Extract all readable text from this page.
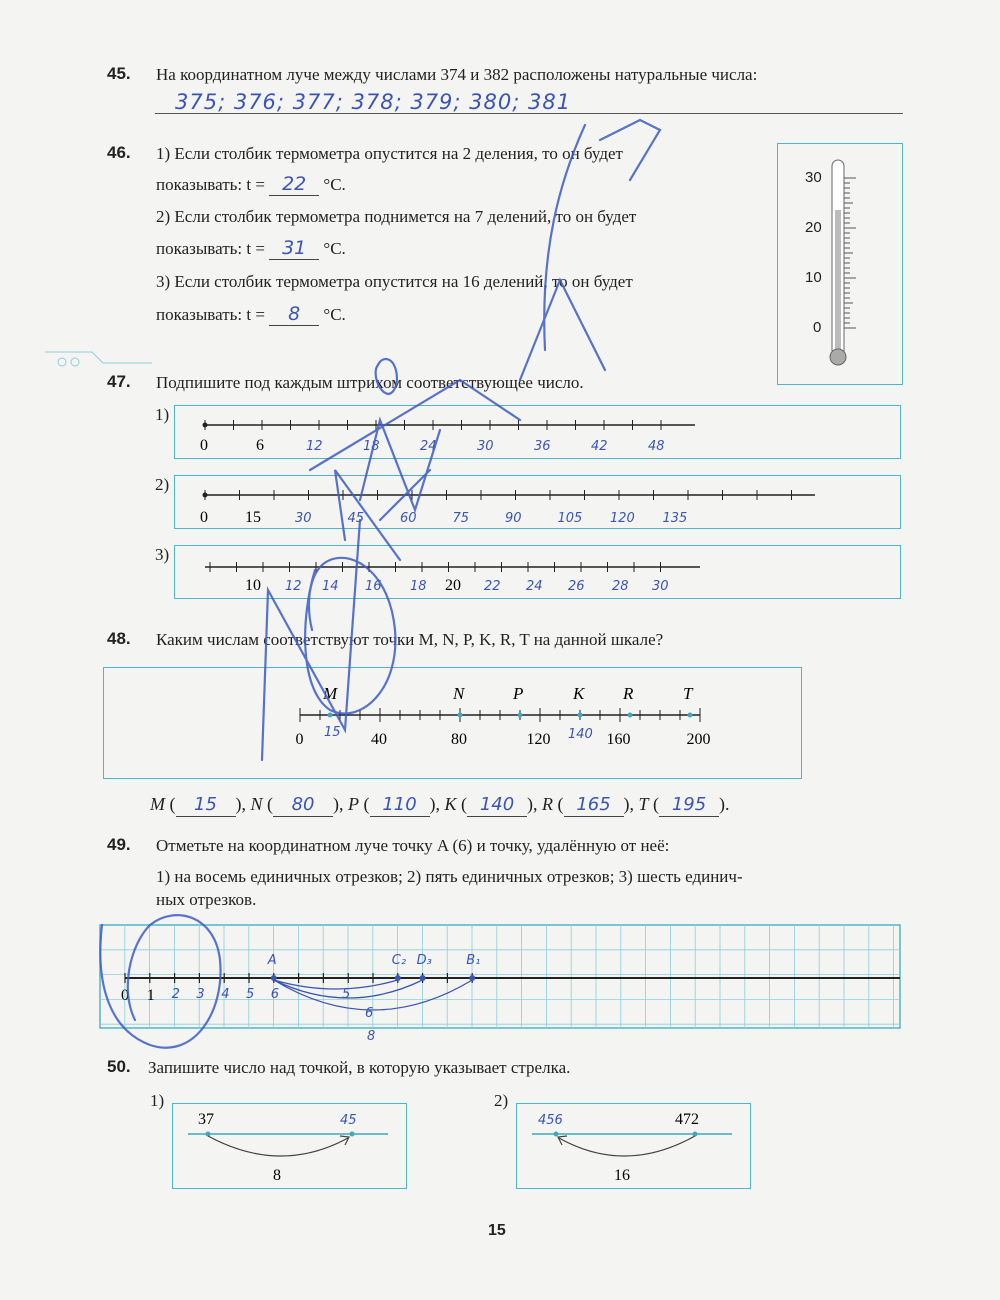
45. На координатном луче между числами 374 и 382 расположены натуральные числа:
375; 376; 377; 378; 379; 380; 381
46. 1) Если столбик термометра опустится на 2 деления, то он будет
показывать: t = 22 °C.
2) Если столбик термометра поднимется на 7 делений, то он будет
показывать: t = 31 °C.
3) Если столбик термометра опустится на 16 делений, то он будет
показывать: t = 8 °C.
30
20
10
0
47. Подпишите под каждым штрихом соответствующее число.
1)
2)
3)
0	6	12	18	24	30	36	42	48
0 15	30	45	60	75	90	105 120 135
10	20
12 14 16 18	22 24 26 28 30
48. Каким числам соответствуют точки M, N, P, K, R, T на данной шкале?
0	40	80	120	160	200
M	N	P	K R	T
15	140
M ( 15 ), N ( 80 ), P ( 110 ), K ( 140 ), R ( 165 ), T ( 195 ).
49. Отметьте на координатном луче точку A (6) и точку, удалённую от неё:
1) на восемь единичных отрезков; 2) пять единичных отрезков; 3) шесть единич-
ных отрезков.
0 1 2 3 4 5 6
A	C₂ D₃	B₁
5
6
8
50. Запишите число над точкой, в которую указывает стрелка.
1)	2)
37	45
8
456	472
16
15
